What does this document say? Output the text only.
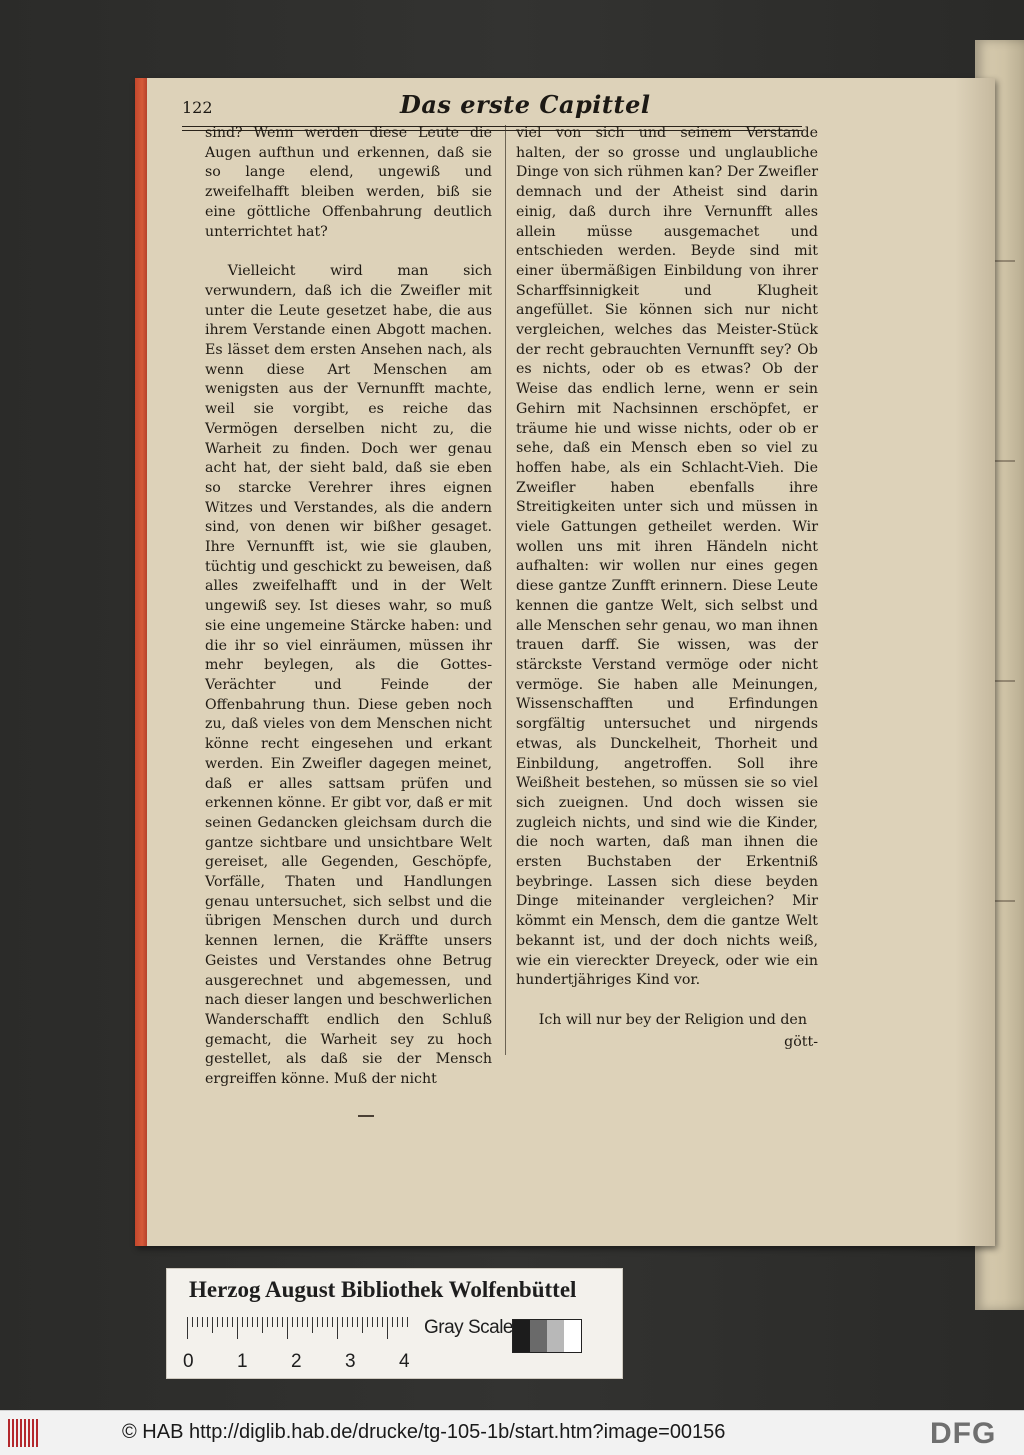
122	Das erste Capittel

sind? Wenn werden diese Leute die Augen aufthun und erkennen, daß sie so lange elend, ungewiß und zweifelhafft bleiben werden, biß sie eine göttliche Offenbahrung deutlich unterrichtet hat?

Vielleicht wird man sich verwundern, daß ich die Zweifler mit unter die Leute gesetzet habe, die aus ihrem Verstande einen Abgott machen. Es lässet dem ersten Ansehen nach, als wenn diese Art Menschen am wenigsten aus der Vernunfft machte, weil sie vorgibt, es reiche das Vermögen derselben nicht zu, die Warheit zu finden. Doch wer genau acht hat, der sieht bald, daß sie eben so starcke Verehrer ihres eignen Witzes und Verstandes, als die andern sind, von denen wir bißher gesaget. Ihre Vernunfft ist, wie sie glauben, tüchtig und geschickt zu beweisen, daß alles zweifelhafft und in der Welt ungewiß sey. Ist dieses wahr, so muß sie eine ungemeine Stärcke haben: und die ihr so viel einräumen, müssen ihr mehr beylegen, als die Gottes-Verächter und Feinde der Offenbahrung thun. Diese geben noch zu, daß vieles von dem Menschen nicht könne recht eingesehen und erkant werden. Ein Zweifler dagegen meinet, daß er alles sattsam prüfen und erkennen könne. Er gibt vor, daß er mit seinen Gedancken gleichsam durch die gantze sichtbare und unsichtbare Welt gereiset, alle Gegenden, Geschöpfe, Vorfälle, Thaten und Handlungen genau untersuchet, sich selbst und die übrigen Menschen durch und durch kennen lernen, die Kräffte unsers Geistes und Verstandes ohne Betrug ausgerechnet und abgemessen, und nach dieser langen und beschwerlichen Wanderschafft endlich den Schluß gemacht, die Warheit sey zu hoch gestellet, als daß sie der Mensch ergreiffen könne. Muß der nicht

viel von sich und seinem Verstande halten, der so grosse und unglaubliche Dinge von sich rühmen kan? Der Zweifler demnach und der Atheist sind darin einig, daß durch ihre Vernunfft alles allein müsse ausgemachet und entschieden werden. Beyde sind mit einer übermäßigen Einbildung von ihrer Scharffsinnigkeit und Klugheit angefüllet. Sie können sich nur nicht vergleichen, welches das Meister-Stück der recht gebrauchten Vernunfft sey? Ob es nichts, oder ob es etwas? Ob der Weise das endlich lerne, wenn er sein Gehirn mit Nachsinnen erschöpfet, er träume hie und wisse nichts, oder ob er sehe, daß ein Mensch eben so viel zu hoffen habe, als ein Schlacht-Vieh. Die Zweifler haben ebenfalls ihre Streitigkeiten unter sich und müssen in viele Gattungen getheilet werden. Wir wollen uns mit ihren Händeln nicht aufhalten: wir wollen nur eines gegen diese gantze Zunfft erinnern. Diese Leute kennen die gantze Welt, sich selbst und alle Menschen sehr genau, wo man ihnen trauen darff. Sie wissen, was der stärckste Verstand vermöge oder nicht vermöge. Sie haben alle Meinungen, Wissenschafften und Erfindungen sorgfältig untersuchet und nirgends etwas, als Dunckelheit, Thorheit und Einbildung, angetroffen. Soll ihre Weißheit bestehen, so müssen sie so viel sich zueignen. Und doch wissen sie zugleich nichts, und sind wie die Kinder, die noch warten, daß man ihnen die ersten Buchstaben der Erkentniß beybringe. Lassen sich diese beyden Dinge miteinander vergleichen? Mir kömmt ein Mensch, dem die gantze Welt bekannt ist, und der doch nichts weiß, wie ein viereckter Dreyeck, oder wie ein hundertjähriges Kind vor.

Ich will nur bey der Religion und den

gött-
Herzog August Bibliothek Wolfenbüttel
0 1 2 3 4
Gray Scale
© HAB http://diglib.hab.de/drucke/tg-105-1b/start.htm?image=00156	DFG
